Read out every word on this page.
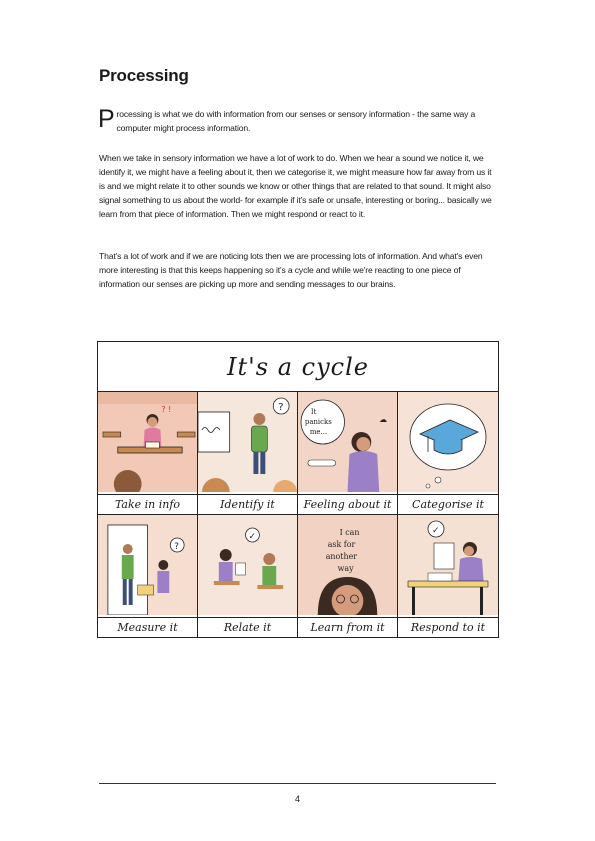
Processing
Processing is what we do with information from our senses or sensory information - the same way a computer might process information.
When we take in sensory information we have a lot of work to do. When we hear a sound we notice it, we identify it, we might have a feeling about it, then we categorise it, we might measure how far away from us it is and we might relate it to other sounds we know or other things that are related to that sound. It might also signal something to us about the world- for example if it's safe or unsafe, interesting or boring... basically we learn from that piece of information. Then we might respond or react to it.
That's a lot of work and if we are noticing lots then we are processing lots of information. And what's even more interesting is that this keeps happening so it's a cycle and while we're reacting to one piece of information our senses are picking up more and sending messages to our brains.
It's a cycle
? !
Take in info
?
Identify it
It
panicks
me...
☁
Feeling about it	Categorise it
?
Measure it
✓
Relate it
I can
ask for
another
way
Learn from it
✓
Respond to it
4
